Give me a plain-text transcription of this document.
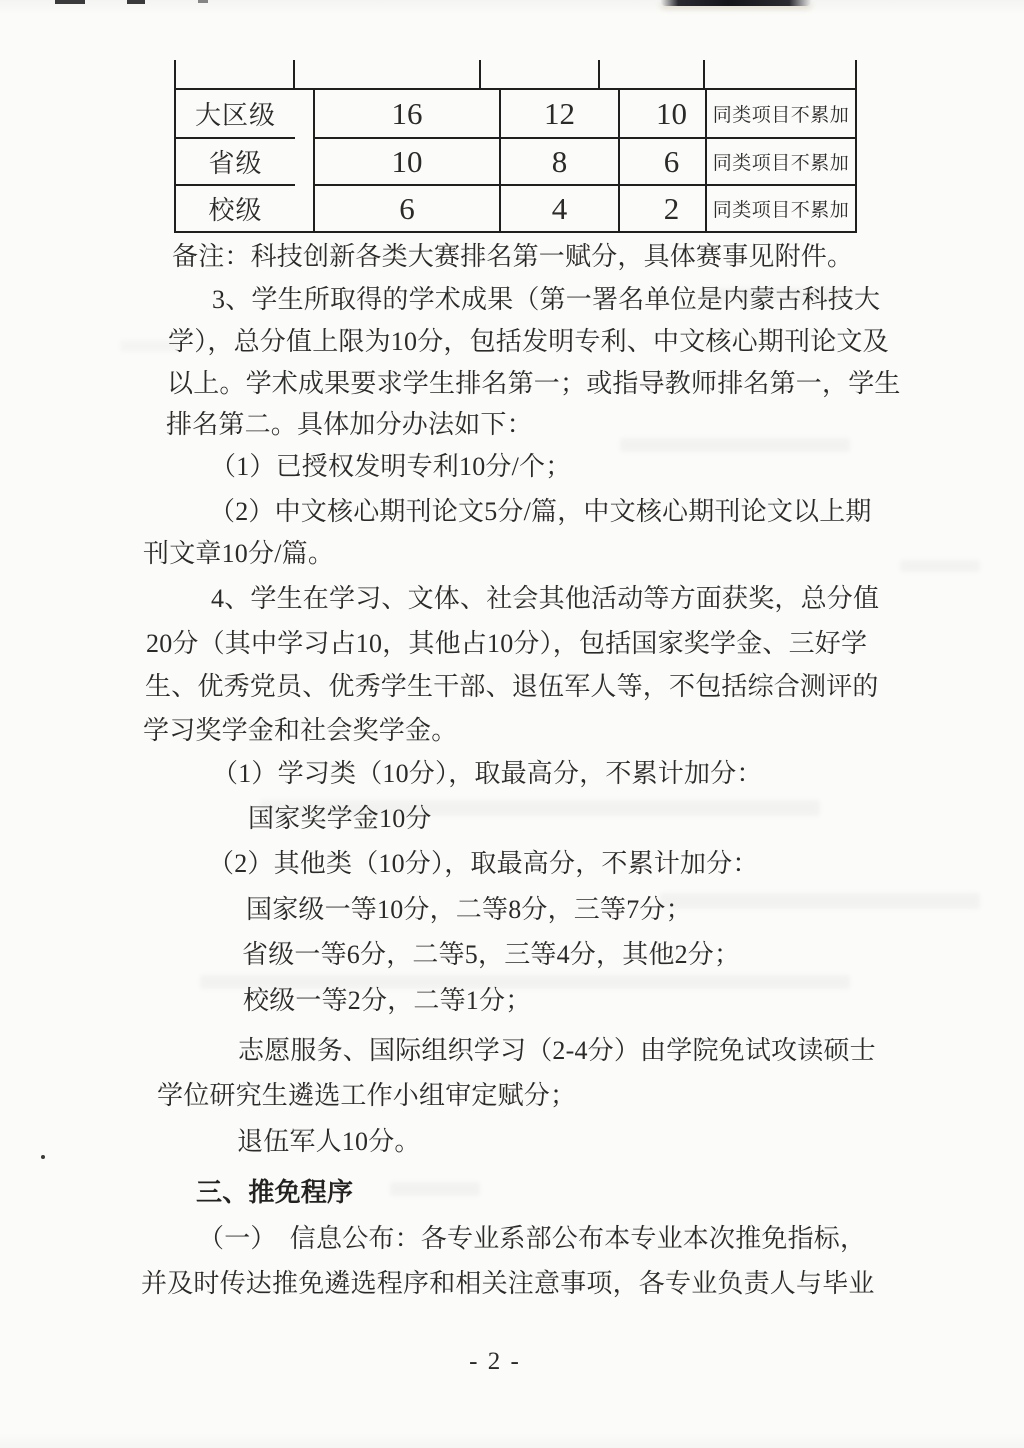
大区级	16	12	10	同类项目不累加
省级	10	8	6	同类项目不累加
校级	6	4	2	同类项目不累加
备注：科技创新各类大赛排名第一赋分，具体赛事见附件。
3、学生所取得的学术成果（第一署名单位是内蒙古科技大
学），总分值上限为10分，包括发明专利、中文核心期刊论文及
以上。学术成果要求学生排名第一；或指导教师排名第一，学生
排名第二。具体加分办法如下：
（1）已授权发明专利10分/个；
（2）中文核心期刊论文5分/篇，中文核心期刊论文以上期
刊文章10分/篇。
4、学生在学习、文体、社会其他活动等方面获奖，总分值
20分（其中学习占10，其他占10分），包括国家奖学金、三好学
生、优秀党员、优秀学生干部、退伍军人等，不包括综合测评的
学习奖学金和社会奖学金。
（1）学习类（10分），取最高分，不累计加分：
国家奖学金10分
（2）其他类（10分），取最高分，不累计加分：
国家级一等10分，二等8分，三等7分；
省级一等6分，二等5，三等4分，其他2分；
校级一等2分，二等1分；
志愿服务、国际组织学习（2-4分）由学院免试攻读硕士
学位研究生遴选工作小组审定赋分；
退伍军人10分。
三、推免程序
（一）　信息公布：各专业系部公布本专业本次推免指标，
并及时传达推免遴选程序和相关注意事项，各专业负责人与毕业
- 2 -
